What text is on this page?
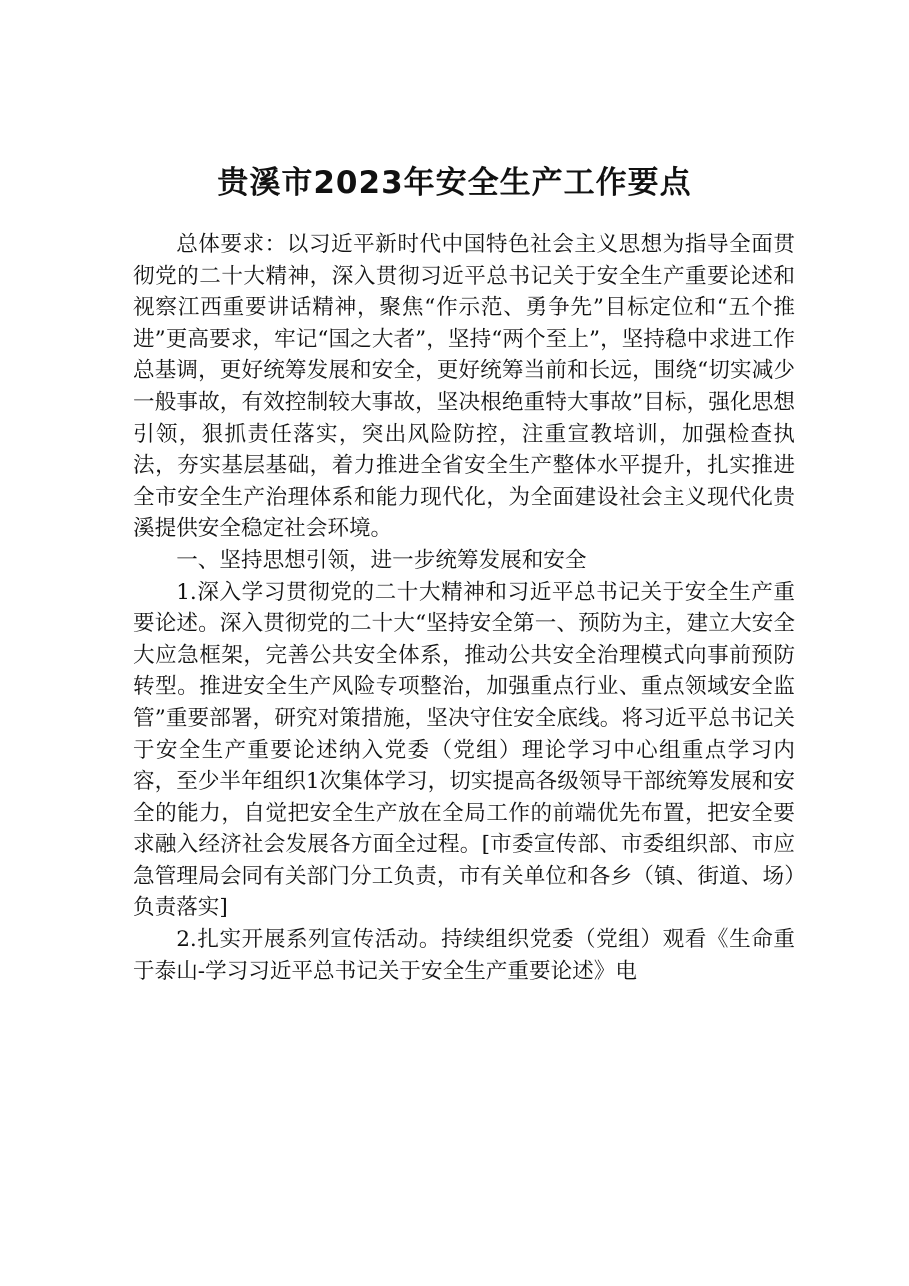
贵溪市2023年安全生产工作要点

总体要求：以习近平新时代中国特色社会主义思想为指导全面贯彻党的二十大精神，深入贯彻习近平总书记关于安全生产重要论述和视察江西重要讲话精神，聚焦“作示范、勇争先”目标定位和“五个推进”更高要求，牢记“国之大者”，坚持“两个至上”，坚持稳中求进工作总基调，更好统筹发展和安全，更好统筹当前和长远，围绕“切实减少一般事故，有效控制较大事故，坚决根绝重特大事故”目标，强化思想引领，狠抓责任落实，突出风险防控，注重宣教培训，加强检查执法，夯实基层基础，着力推进全省安全生产整体水平提升，扎实推进全市安全生产治理体系和能力现代化，为全面建设社会主义现代化贵溪提供安全稳定社会环境。

一、坚持思想引领，进一步统筹发展和安全

1.深入学习贯彻党的二十大精神和习近平总书记关于安全生产重要论述。深入贯彻党的二十大“坚持安全第一、预防为主，建立大安全大应急框架，完善公共安全体系，推动公共安全治理模式向事前预防转型。推进安全生产风险专项整治，加强重点行业、重点领域安全监管”重要部署，研究对策措施，坚决守住安全底线。将习近平总书记关于安全生产重要论述纳入党委（党组）理论学习中心组重点学习内容，至少半年组织1次集体学习，切实提高各级领导干部统筹发展和安全的能力，自觉把安全生产放在全局工作的前端优先布置，把安全要求融入经济社会发展各方面全过程。[市委宣传部、市委组织部、市应急管理局会同有关部门分工负责，市有关单位和各乡（镇、街道、场）负责落实]

2.扎实开展系列宣传活动。持续组织党委（党组）观看《生命重于泰山-学习习近平总书记关于安全生产重要论述》电
